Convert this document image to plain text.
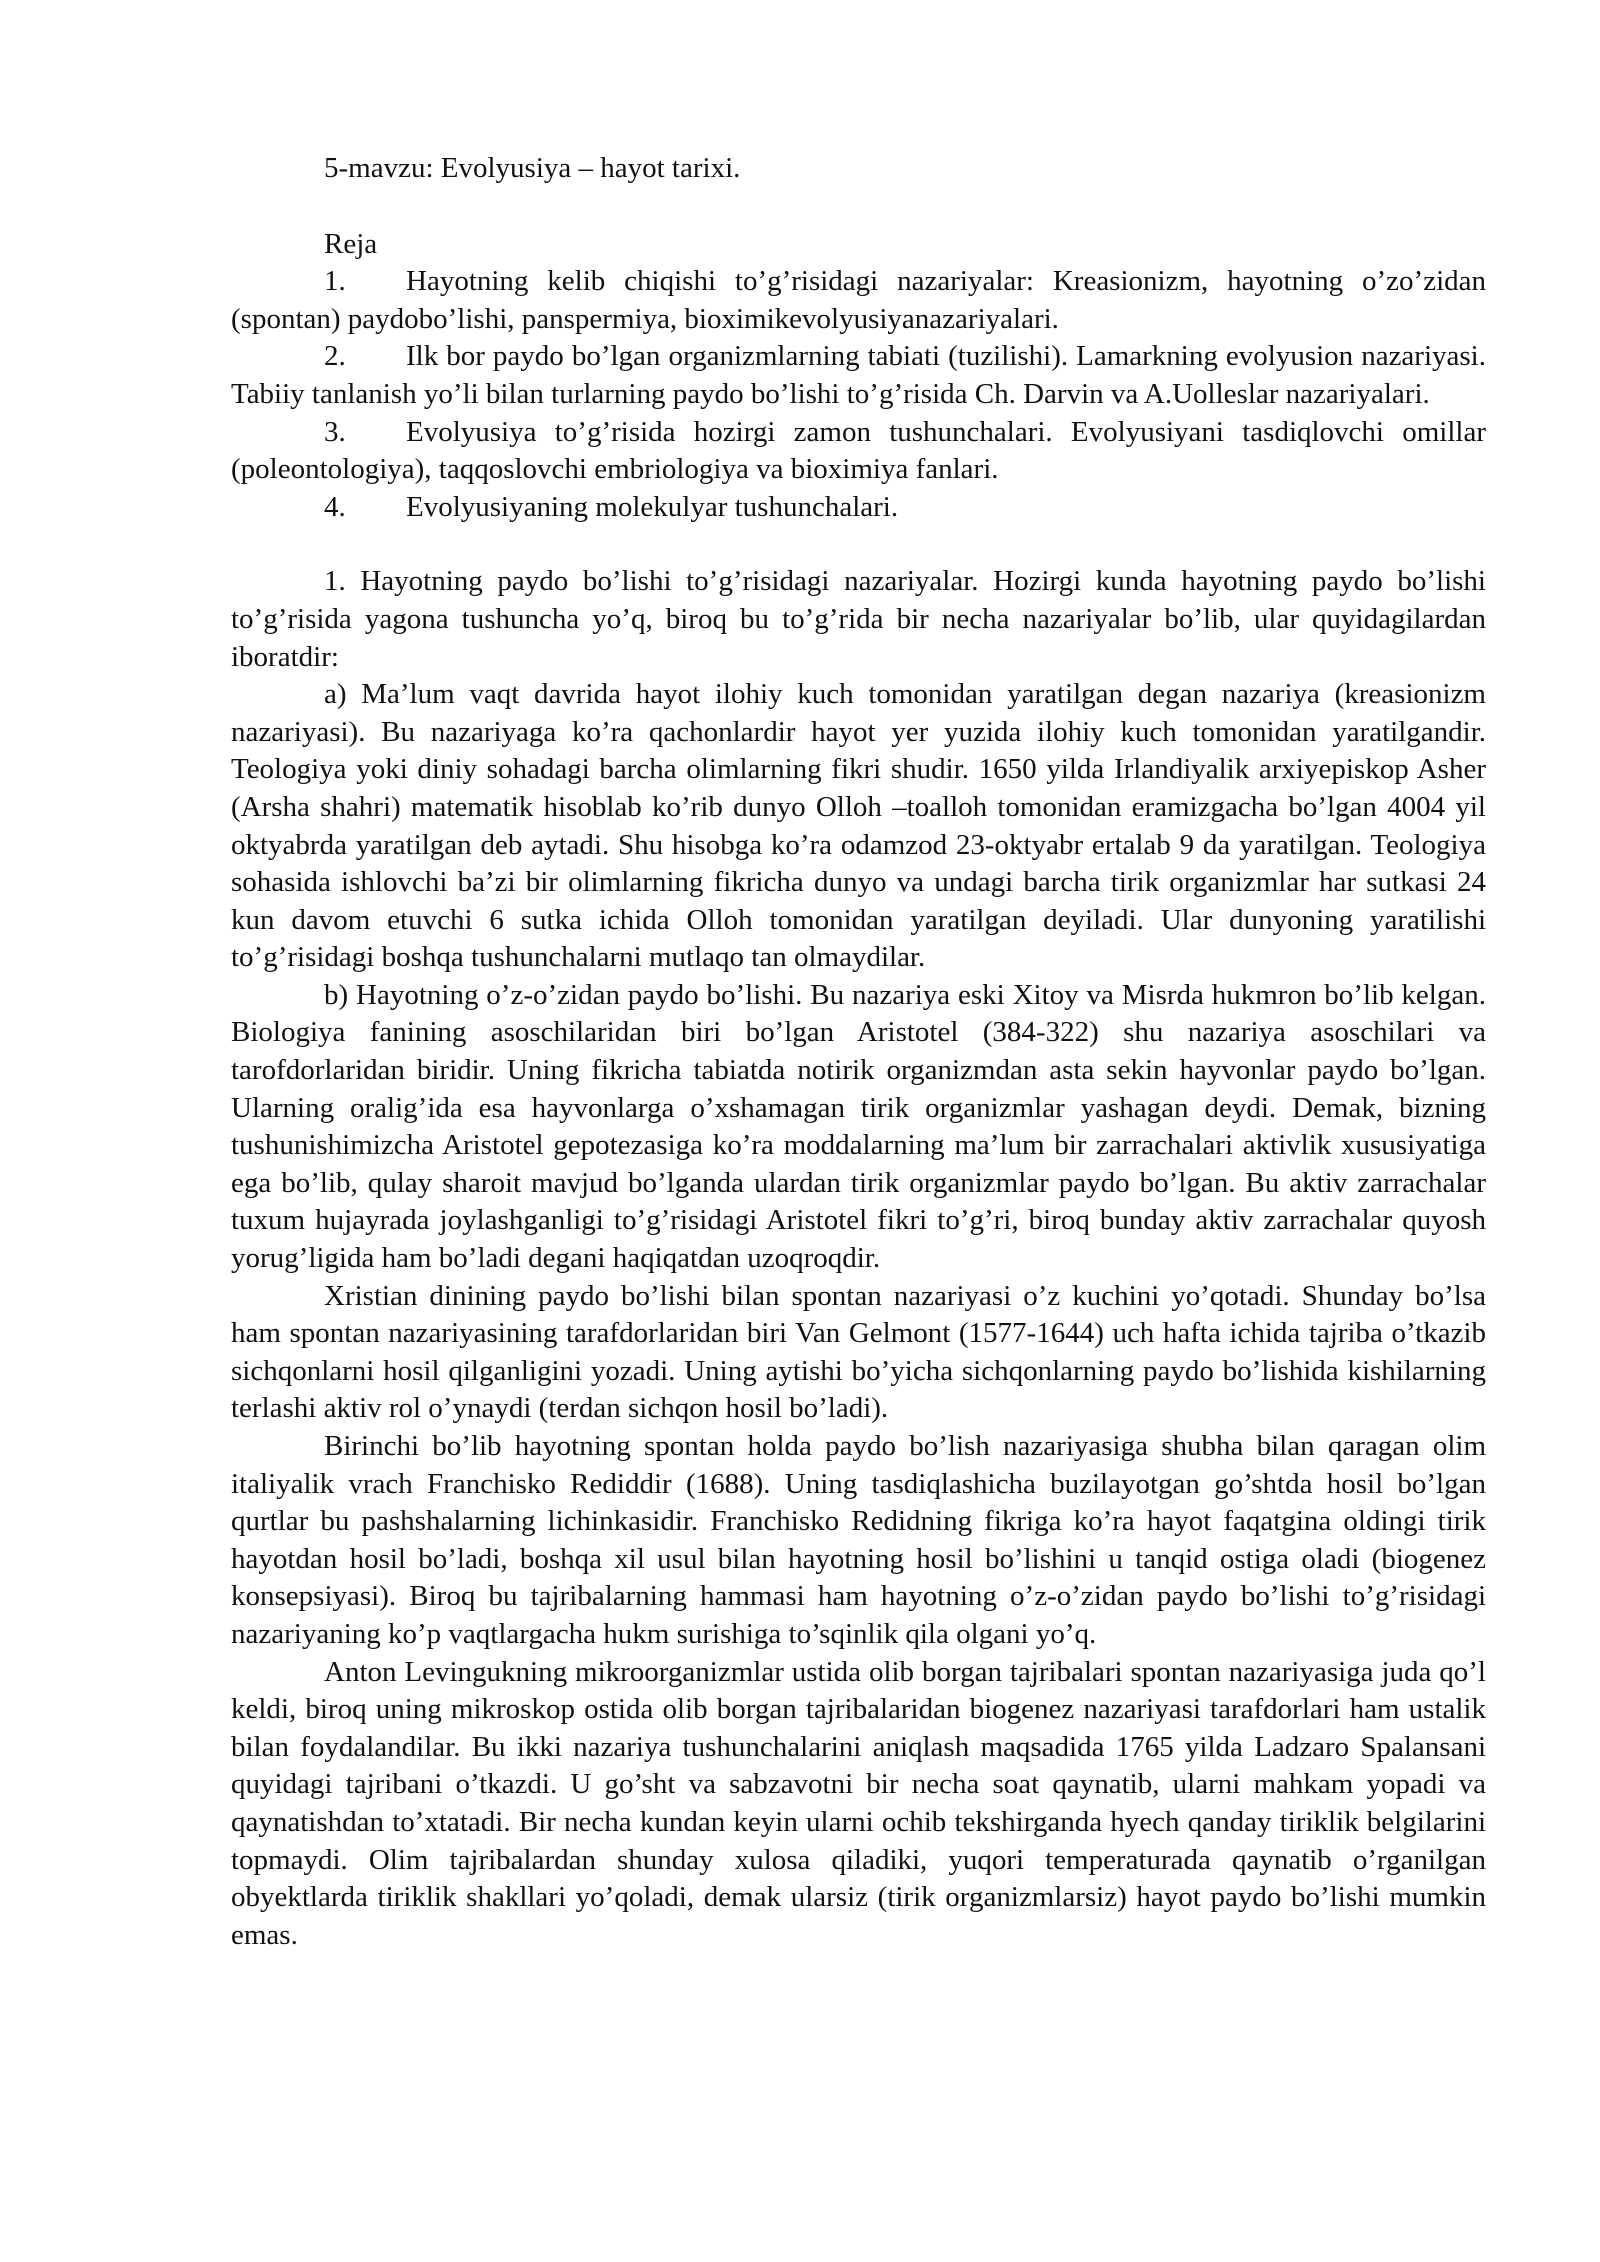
5-mavzu: Evolyusiya – hayot tarixi.

Reja

1. Hayotning kelib chiqishi to’g’risidagi nazariyalar: Kreasionizm, hayotning o’zo’zidan (spontan) paydobo’lishi, panspermiya, bioximikevolyusiyanazariyalari.

2. Ilk bor paydo bo’lgan organizmlarning tabiati (tuzilishi). Lamarkning evolyusion nazariyasi. Tabiiy tanlanish yo’li bilan turlarning paydo bo’lishi to’g’risida Ch. Darvin va A.Uolleslar nazariyalari.

3. Evolyusiya to’g’risida hozirgi zamon tushunchalari. Evolyusiyani tasdiqlovchi omillar (poleontologiya), taqqoslovchi embriologiya va bioximiya fanlari.

4. Evolyusiyaning molekulyar tushunchalari.

1. Hayotning paydo bo’lishi to’g’risidagi nazariyalar. Hozirgi kunda hayotning paydo bo’lishi to’g’risida yagona tushuncha yo’q, biroq bu to’g’rida bir necha nazariyalar bo’lib, ular quyidagilardan iboratdir:

a) Ma’lum vaqt davrida hayot ilohiy kuch tomonidan yaratilgan degan nazariya (kreasionizm nazariyasi). Bu nazariyaga ko’ra qachonlardir hayot yer yuzida ilohiy kuch tomonidan yaratilgandir. Teologiya yoki diniy sohadagi barcha olimlarning fikri shudir. 1650 yilda Irlandiyalik arxiyepiskop Asher (Arsha shahri) matematik hisoblab ko’rib dunyo Olloh –toalloh tomonidan eramizgacha bo’lgan 4004 yil oktyabrda yaratilgan deb aytadi. Shu hisobga ko’ra odamzod 23-oktyabr ertalab 9 da yaratilgan. Teologiya sohasida ishlovchi ba’zi bir olimlarning fikricha dunyo va undagi barcha tirik organizmlar har sutkasi 24 kun davom etuvchi 6 sutka ichida Olloh tomonidan yaratilgan deyiladi. Ular dunyoning yaratilishi to’g’risidagi boshqa tushunchalarni mutlaqo tan olmaydilar.

b) Hayotning o’z-o’zidan paydo bo’lishi. Bu nazariya eski Xitoy va Misrda hukmron bo’lib kelgan. Biologiya fanining asoschilaridan biri bo’lgan Aristotel (384-322) shu nazariya asoschilari va tarofdorlaridan biridir. Uning fikricha tabiatda notirik organizmdan asta sekin hayvonlar paydo bo’lgan. Ularning oralig’ida esa hayvonlarga o’xshamagan tirik organizmlar yashagan deydi. Demak, bizning tushunishimizcha Aristotel gepotezasiga ko’ra moddalarning ma’lum bir zarrachalari aktivlik xususiyatiga ega bo’lib, qulay sharoit mavjud bo’lganda ulardan tirik organizmlar paydo bo’lgan. Bu aktiv zarrachalar tuxum hujayrada joylashganligi to’g’risidagi Aristotel fikri to’g’ri, biroq bunday aktiv zarrachalar quyosh yorug’ligida ham bo’ladi degani haqiqatdan uzoqroqdir.

Xristian dinining paydo bo’lishi bilan spontan nazariyasi o’z kuchini yo’qotadi. Shunday bo’lsa ham spontan nazariyasining tarafdorlaridan biri Van Gelmont (1577-1644) uch hafta ichida tajriba o’tkazib sichqonlarni hosil qilganligini yozadi. Uning aytishi bo’yicha sichqonlarning paydo bo’lishida kishilarning terlashi aktiv rol o’ynaydi (terdan sichqon hosil bo’ladi).

Birinchi bo’lib hayotning spontan holda paydo bo’lish nazariyasiga shubha bilan qaragan olim italiyalik vrach Franchisko Rediddir (1688). Uning tasdiqlashicha buzilayotgan go’shtda hosil bo’lgan qurtlar bu pashshalarning lichinkasidir. Franchisko Redidning fikriga ko’ra hayot faqatgina oldingi tirik hayotdan hosil bo’ladi, boshqa xil usul bilan hayotning hosil bo’lishini u tanqid ostiga oladi (biogenez konsepsiyasi). Biroq bu tajribalarning hammasi ham hayotning o’z-o’zidan paydo bo’lishi to’g’risidagi nazariyaning ko’p vaqtlargacha hukm surishiga to’sqinlik qila olgani yo’q.

Anton Levingukning mikroorganizmlar ustida olib borgan tajribalari spontan nazariyasiga juda qo’l keldi, biroq uning mikroskop ostida olib borgan tajribalaridan biogenez nazariyasi tarafdorlari ham ustalik bilan foydalandilar. Bu ikki nazariya tushunchalarini aniqlash maqsadida 1765 yilda Ladzaro Spalansani quyidagi tajribani o’tkazdi. U go’sht va sabzavotni bir necha soat qaynatib, ularni mahkam yopadi va qaynatishdan to’xtatadi. Bir necha kundan keyin ularni ochib tekshirganda hyech qanday tiriklik belgilarini topmaydi. Olim tajribalardan shunday xulosa qiladiki, yuqori temperaturada qaynatib o’rganilgan obyektlarda tiriklik shakllari yo’qoladi, demak ularsiz (tirik organizmlarsiz) hayot paydo bo’lishi mumkin emas.
